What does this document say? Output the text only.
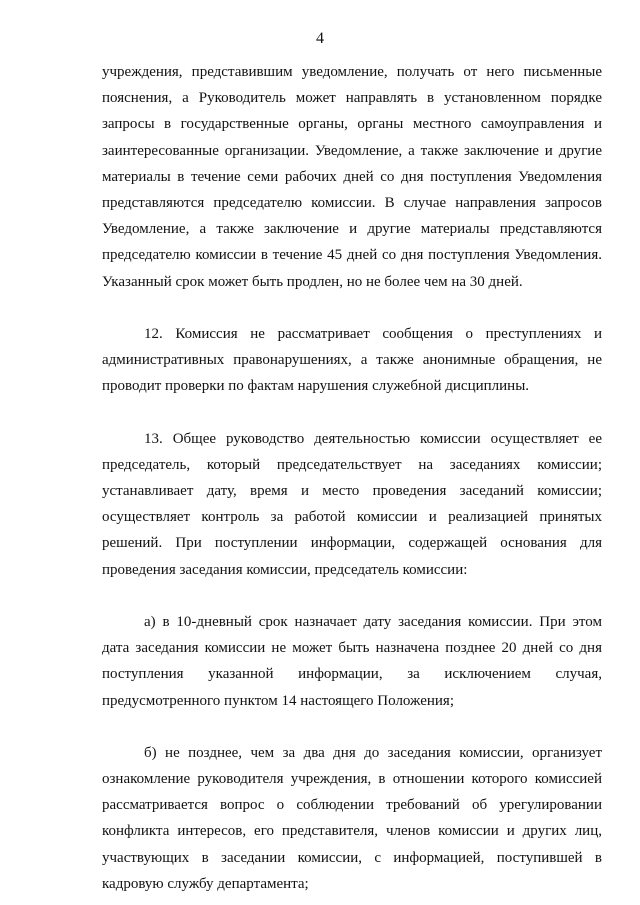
4
учреждения, представившим уведомление, получать от него письменные
пояснения, а Руководитель может направлять в установленном порядке
запросы в государственные органы, органы местного самоуправления и
заинтересованные организации. Уведомление, а также заключение и другие
материалы в течение семи рабочих дней со дня поступления Уведомления
представляются председателю комиссии. В случае направления запросов
Уведомление, а также заключение и другие материалы представляются
председателю комиссии в течение 45 дней со дня поступления Уведомления.
Указанный срок может быть продлен, но не более чем на 30 дней.
12. Комиссия не рассматривает сообщения о преступлениях и
административных правонарушениях, а также анонимные обращения, не
проводит проверки по фактам нарушения служебной дисциплины.
13. Общее руководство деятельностью комиссии осуществляет ее
председатель, который председательствует на заседаниях комиссии;
устанавливает дату, время и место проведения заседаний комиссии;
осуществляет контроль за работой комиссии и реализацией принятых
решений. При поступлении информации, содержащей основания для
проведения заседания комиссии, председатель комиссии:
а) в 10-дневный срок назначает дату заседания комиссии. При этом
дата заседания комиссии не может быть назначена позднее 20 дней со дня
поступления указанной информации, за исключением случая,
предусмотренного пунктом 14 настоящего Положения;
б) не позднее, чем за два дня до заседания комиссии, организует
ознакомление руководителя учреждения, в отношении которого комиссией
рассматривается вопрос о соблюдении требований об урегулировании
конфликта интересов, его представителя, членов комиссии и других лиц,
участвующих в заседании комиссии, с информацией, поступившей в
кадровую службу департамента;
